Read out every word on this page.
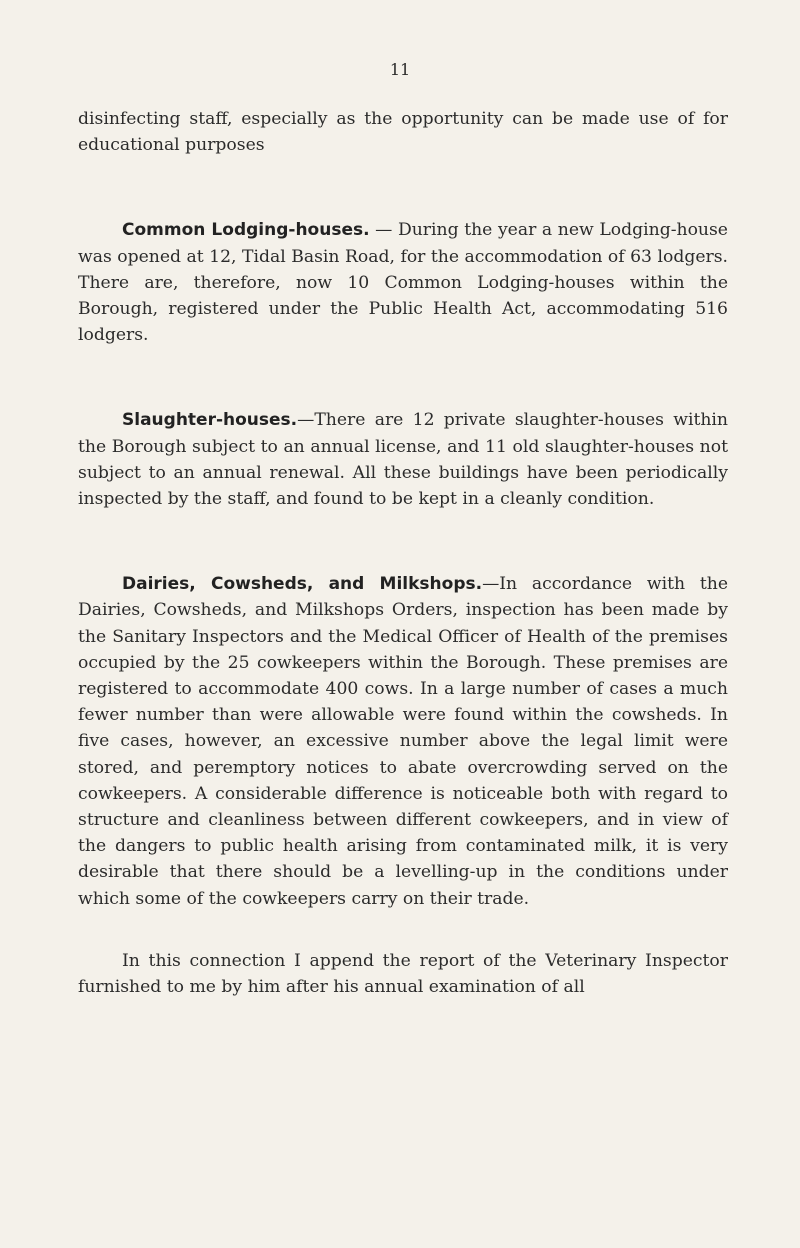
11

disinfecting staff, especially as the opportunity can be made use of for educational purposes

Common Lodging-houses. — During the year a new Lodging-house was opened at 12, Tidal Basin Road, for the accommodation of 63 lodgers. There are, therefore, now 10 Common Lodging-houses within the Borough, registered under the Public Health Act, accommodating 516 lodgers.

Slaughter-houses.—There are 12 private slaughter-houses within the Borough subject to an annual license, and 11 old slaughter-houses not subject to an annual renewal. All these buildings have been periodically inspected by the staff, and found to be kept in a cleanly condition.

Dairies, Cowsheds, and Milkshops.—In accordance with the Dairies, Cowsheds, and Milkshops Orders, inspection has been made by the Sanitary Inspectors and the Medical Officer of Health of the premises occupied by the 25 cowkeepers within the Borough. These premises are registered to accommodate 400 cows. In a large number of cases a much fewer number than were allowable were found within the cowsheds. In five cases, however, an excessive number above the legal limit were stored, and peremptory notices to abate overcrowding served on the cowkeepers. A considerable difference is noticeable both with regard to structure and cleanliness between different cowkeepers, and in view of the dangers to public health arising from contaminated milk, it is very desirable that there should be a levelling-up in the conditions under which some of the cowkeepers carry on their trade.

In this connection I append the report of the Veterinary Inspector furnished to me by him after his annual examination of all
